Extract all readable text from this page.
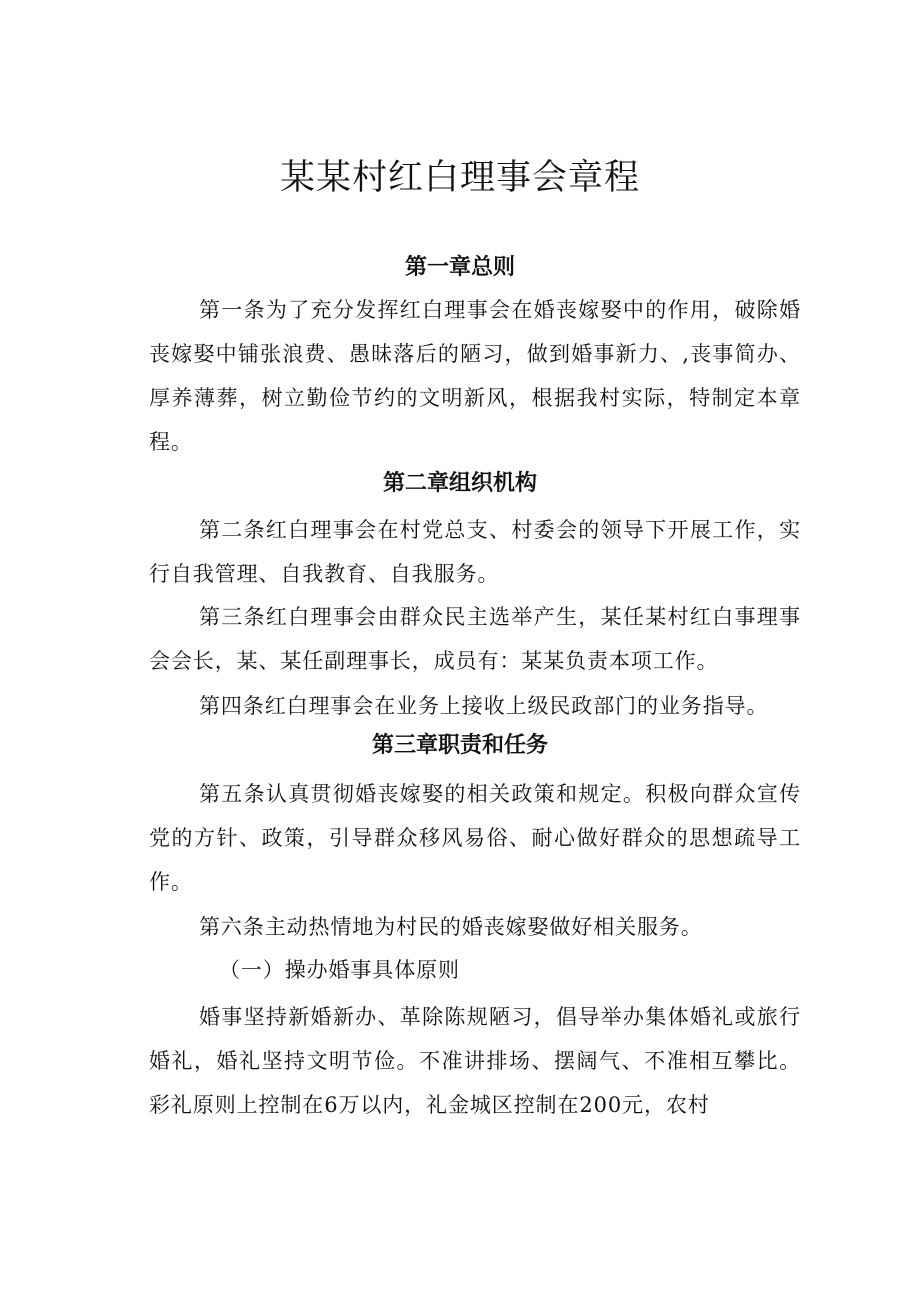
某某村红白理事会章程
第一章总则

第一条为了充分发挥红白理事会在婚丧嫁娶中的作用，破除婚丧嫁娶中铺张浪费、愚昧落后的陋习，做到婚事新力、,丧事简办、厚养薄葬，树立勤俭节约的文明新风，根据我村实际，特制定本章程。

第二章组织机构

第二条红白理事会在村党总支、村委会的领导下开展工作，实行自我管理、自我教育、自我服务。

第三条红白理事会由群众民主选举产生，某任某村红白事理事会会长，某、某任副理事长，成员有：某某负责本项工作。

第四条红白理事会在业务上接收上级民政部门的业务指导。

第三章职责和任务

第五条认真贯彻婚丧嫁娶的相关政策和规定。积极向群众宣传党的方针、政策，引导群众移风易俗、耐心做好群众的思想疏导工作。

第六条主动热情地为村民的婚丧嫁娶做好相关服务。

（一）操办婚事具体原则

婚事坚持新婚新办、革除陈规陋习，倡导举办集体婚礼或旅行婚礼，婚礼坚持文明节俭。不准讲排场、摆阔气、不准相互攀比。彩礼原则上控制在6万以内，礼金城区控制在200元，农村
